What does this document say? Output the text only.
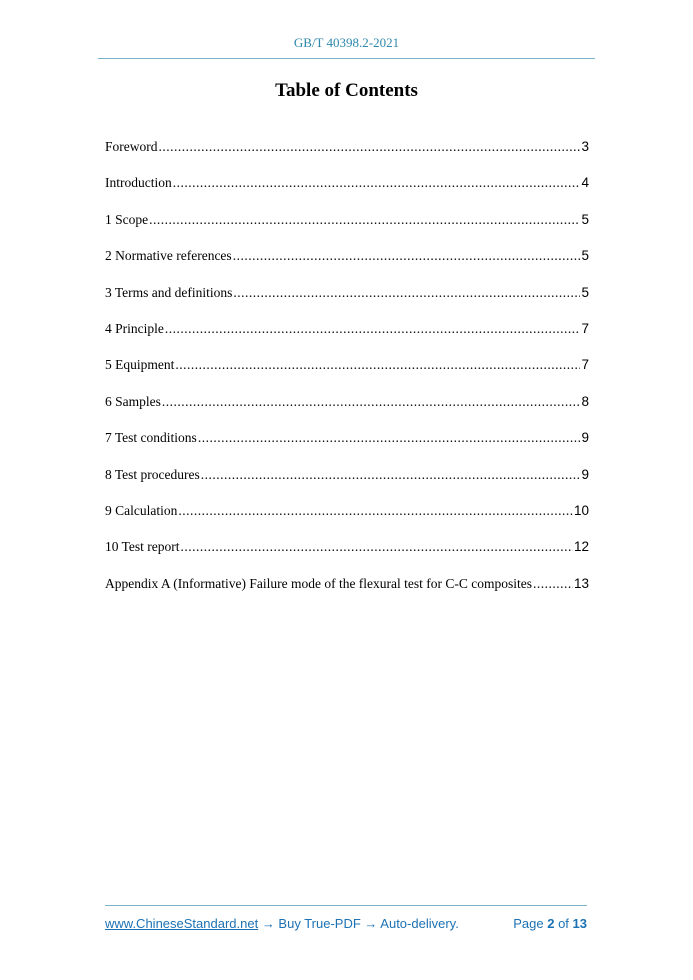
GB/T 40398.2-2021
Table of Contents
Foreword .....	3
Introduction .....	4
1 Scope .....	5
2 Normative references .....	5
3 Terms and definitions .....	5
4 Principle .....	7
5 Equipment .....	7
6 Samples .....	8
7 Test conditions .....	9
8 Test procedures .....	9
9 Calculation .....	10
10 Test report .....	12
Appendix A (Informative) Failure mode of the flexural test for C-C composites .....	13
www.ChineseStandard.net → Buy True-PDF → Auto-delivery.	Page 2 of 13
